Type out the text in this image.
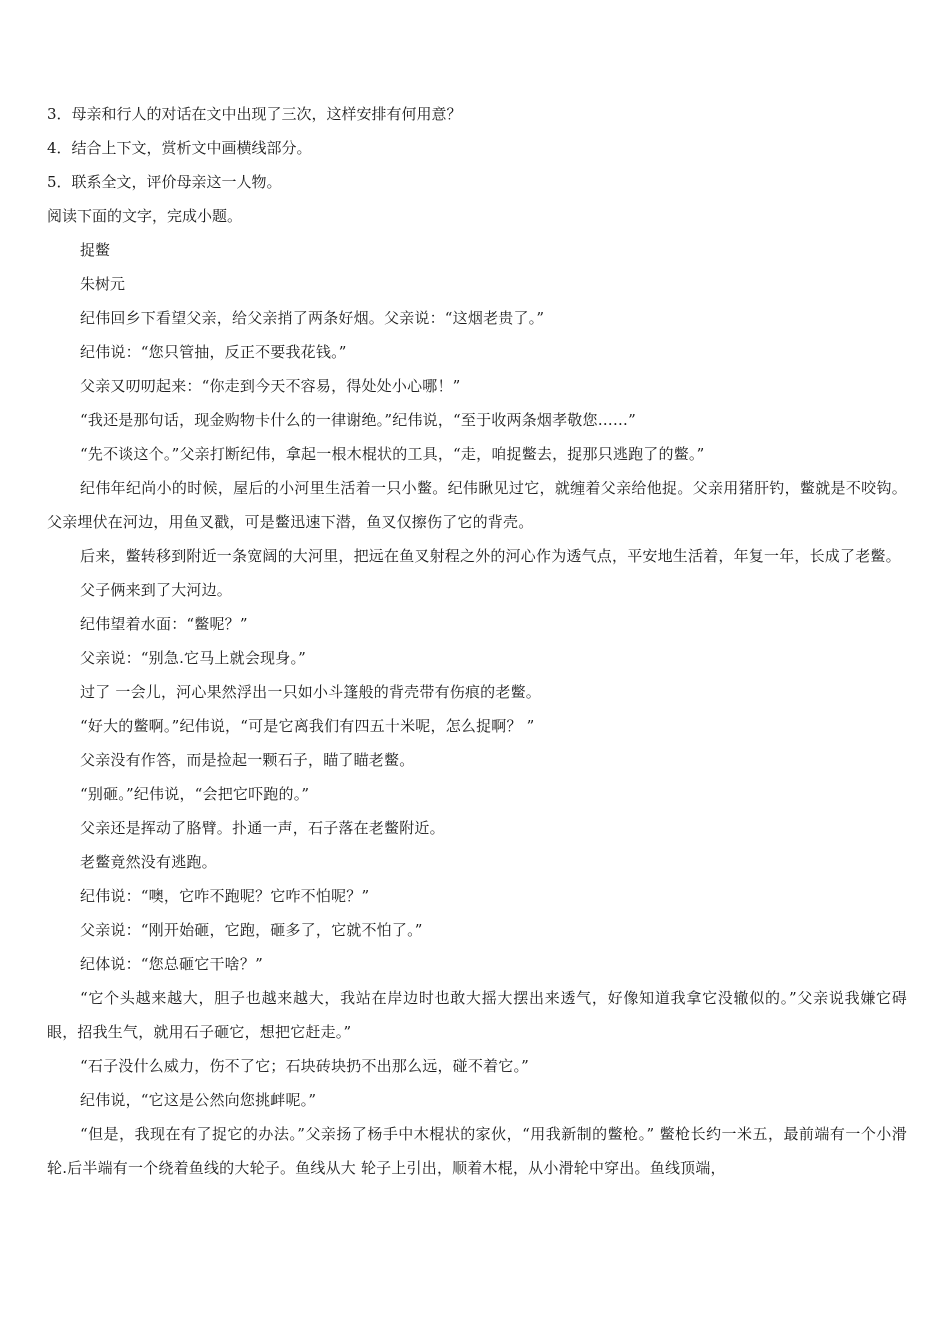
3．母亲和行人的对话在文中出现了三次，这样安排有何用意？

4．结合上下文，赏析文中画横线部分。

5．联系全文，评价母亲这一人物。

阅读下面的文字，完成小题。

捉鳖

朱树元

纪伟回乡下看望父亲，给父亲捎了两条好烟。父亲说：“这烟老贵了。”

纪伟说：“您只管抽，反正不要我花钱。”

父亲又叨叨起来：“你走到今天不容易，得处处小心哪！”

“我还是那句话，现金购物卡什么的一律谢绝。”纪伟说，“至于收两条烟孝敬您……”

“先不谈这个。”父亲打断纪伟，拿起一根木棍状的工具，“走，咱捉鳖去，捉那只逃跑了的鳖。”

纪伟年纪尚小的时候，屋后的小河里生活着一只小鳖。纪伟瞅见过它，就缠着父亲给他捉。父亲用猪肝钓，鳖就是不咬钩。父亲埋伏在河边，用鱼叉戳，可是鳖迅速下潜，鱼叉仅擦伤了它的背壳。

后来，鳖转移到附近一条宽阔的大河里，把远在鱼叉射程之外的河心作为透气点，平安地生活着，年复一年，长成了老鳖。

父子俩来到了大河边。

纪伟望着水面：“鳖呢？”

父亲说：“别急.它马上就会现身。”

过了 一会儿，河心果然浮出一只如小斗篷般的背壳带有伤痕的老鳖。

“好大的鳖啊。”纪伟说，“可是它离我们有四五十米呢，怎么捉啊？ ”

父亲没有作答，而是捡起一颗石子，瞄了瞄老鳖。

“别砸。”纪伟说，“会把它吓跑的。”

父亲还是挥动了胳臂。扑通一声，石子落在老鳖附近。

老鳖竟然没有逃跑。

纪伟说：“噢，它咋不跑呢？它咋不怕呢？”

父亲说：“刚开始砸，它跑，砸多了，它就不怕了。”

纪体说：“您总砸它干啥？”

“它个头越来越大，胆子也越来越大，我站在岸边时也敢大摇大摆出来透气，好像知道我拿它没辙似的。”父亲说我嫌它碍眼，招我生气，就用石子砸它，想把它赶走。”

“石子没什么威力，伤不了它；石块砖块扔不出那么远，碰不着它。”

纪伟说，“它这是公然向您挑衅呢。”

“但是，我现在有了捉它的办法。”父亲扬了杨手中木棍状的家伙，“用我新制的鳖枪。” 鳖枪长约一米五，最前端有一个小滑轮.后半端有一个绕着鱼线的大轮子。鱼线从大 轮子上引出，顺着木棍，从小滑轮中穿出。鱼线顶端，
